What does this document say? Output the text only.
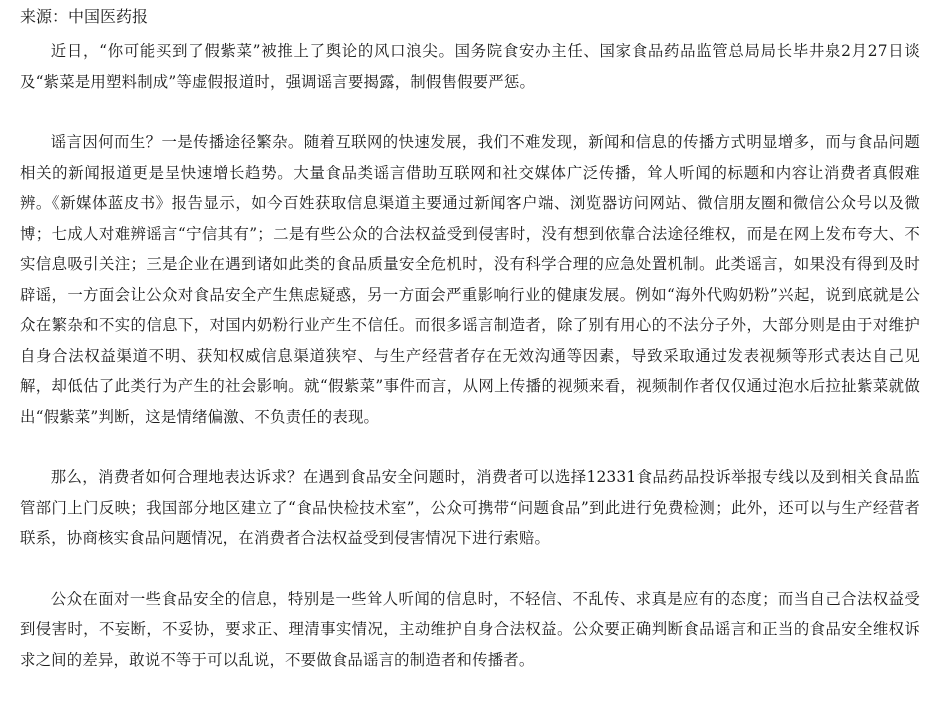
来源：中国医药报

近日，“你可能买到了假紫菜”被推上了舆论的风口浪尖。国务院食安办主任、国家食品药品监管总局局长毕井泉2月27日谈及“紫菜是用塑料制成”等虚假报道时，强调谣言要揭露，制假售假要严惩。

谣言因何而生？一是传播途径繁杂。随着互联网的快速发展，我们不难发现，新闻和信息的传播方式明显增多，而与食品问题相关的新闻报道更是呈快速增长趋势。大量食品类谣言借助互联网和社交媒体广泛传播，耸人听闻的标题和内容让消费者真假难辨。《新媒体蓝皮书》报告显示，如今百姓获取信息渠道主要通过新闻客户端、浏览器访问网站、微信朋友圈和微信公众号以及微博；七成人对难辨谣言“宁信其有”；二是有些公众的合法权益受到侵害时，没有想到依靠合法途径维权，而是在网上发布夸大、不实信息吸引关注；三是企业在遇到诸如此类的食品质量安全危机时，没有科学合理的应急处置机制。此类谣言，如果没有得到及时辟谣，一方面会让公众对食品安全产生焦虑疑惑，另一方面会严重影响行业的健康发展。例如“海外代购奶粉”兴起，说到底就是公众在繁杂和不实的信息下，对国内奶粉行业产生不信任。而很多谣言制造者，除了别有用心的不法分子外，大部分则是由于对维护自身合法权益渠道不明、获知权威信息渠道狭窄、与生产经营者存在无效沟通等因素，导致采取通过发表视频等形式表达自己见解，却低估了此类行为产生的社会影响。就“假紫菜”事件而言，从网上传播的视频来看，视频制作者仅仅通过泡水后拉扯紫菜就做出“假紫菜”判断，这是情绪偏激、不负责任的表现。

那么，消费者如何合理地表达诉求？在遇到食品安全问题时，消费者可以选择12331食品药品投诉举报专线以及到相关食品监管部门上门反映；我国部分地区建立了“食品快检技术室”，公众可携带“问题食品”到此进行免费检测；此外，还可以与生产经营者联系，协商核实食品问题情况，在消费者合法权益受到侵害情况下进行索赔。

公众在面对一些食品安全的信息，特别是一些耸人听闻的信息时，不轻信、不乱传、求真是应有的态度；而当自己合法权益受到侵害时，不妄断，不妥协，要求正、理清事实情况，主动维护自身合法权益。公众要正确判断食品谣言和正当的食品安全维权诉求之间的差异，敢说不等于可以乱说，不要做食品谣言的制造者和传播者。
